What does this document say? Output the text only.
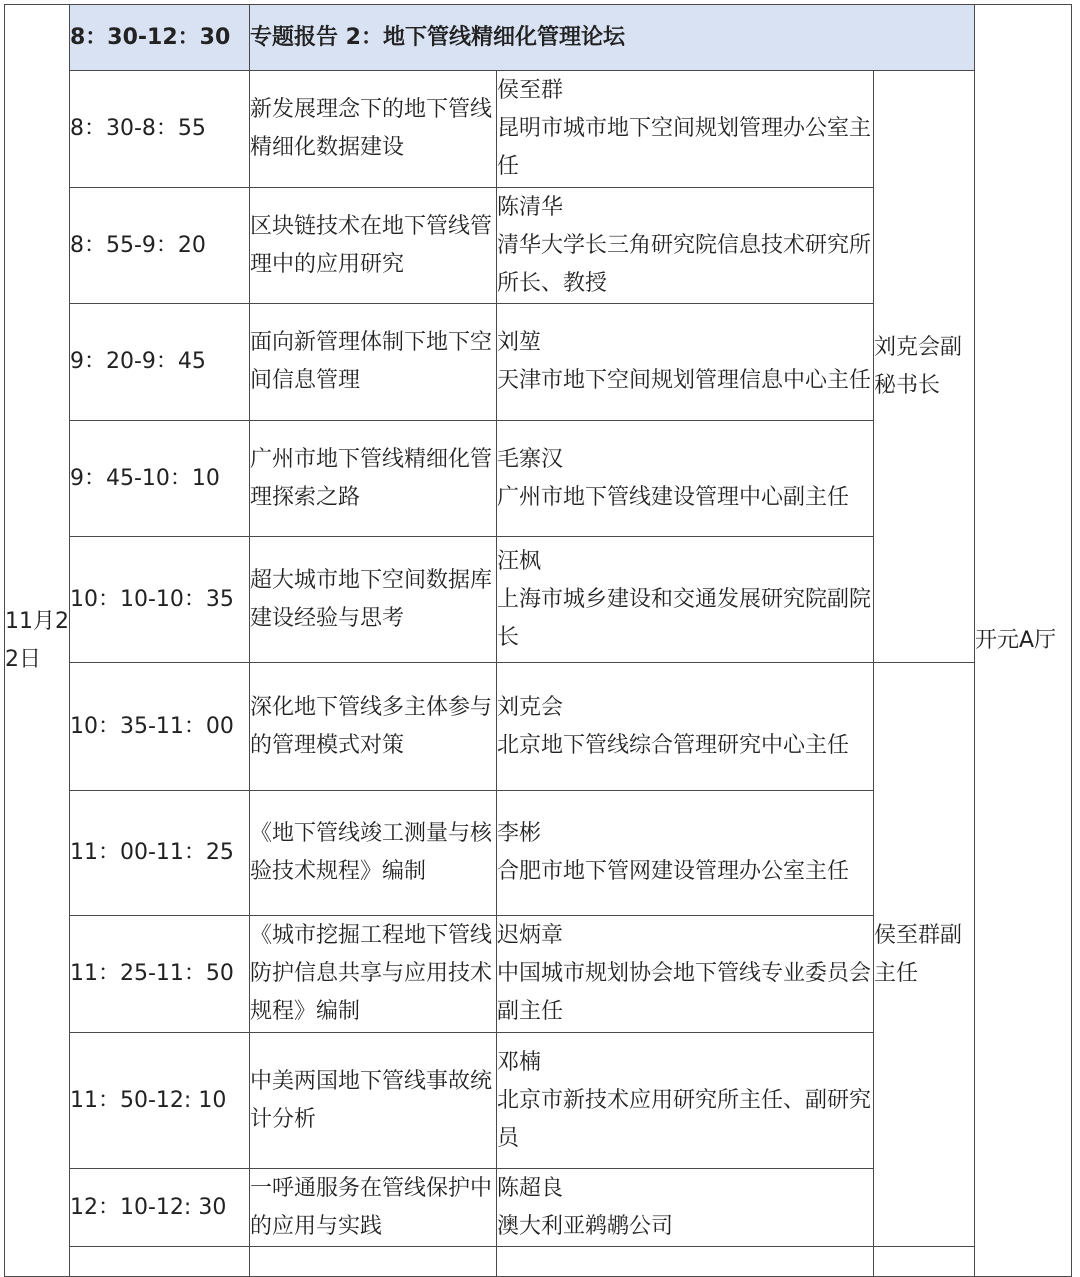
11月22日	8：30-12：30	专题报告 2：地下管线精细化管理论坛			开元A厅
	8：30-8：55	新发展理念下的地下管线精细化数据建设	侯至群
昆明市城市地下空间规划管理办公室主任	刘克会副秘书长	
	8：55-9：20	区块链技术在地下管线管理中的应用研究	陈清华
清华大学长三角研究院信息技术研究所所长、教授		

	9：20-9：45	面向新管理体制下地下空间信息管理	刘堃
天津市地下空间规划管理信息中心主任		

	9：45-10：10	广州市地下管线精细化管理探索之路	毛寨汉
广州市地下管线建设管理中心副主任		

	10：10-10：35	超大城市地下空间数据库建设经验与思考	汪枫
上海市城乡建设和交通发展研究院副院长		

	10：35-11：00	深化地下管线多主体参与的管理模式对策	刘克会
北京地下管线综合管理研究中心主任	侯至群副主任	
	11：00-11：25	《地下管线竣工测量与核验技术规程》编制	李彬
合肥市地下管网建设管理办公室主任		

	11：25-11：50	《城市挖掘工程地下管线防护信息共享与应用技术规程》编制	迟炳章
中国城市规划协会地下管线专业委员会副主任		

	11：50-12: 10	中美两国地下管线事故统计分析	邓楠
北京市新技术应用研究所主任、副研究员		

	12：10-12: 30	一呼通服务在管线保护中的应用与实践	陈超良
澳大利亚鹈鹕公司		
